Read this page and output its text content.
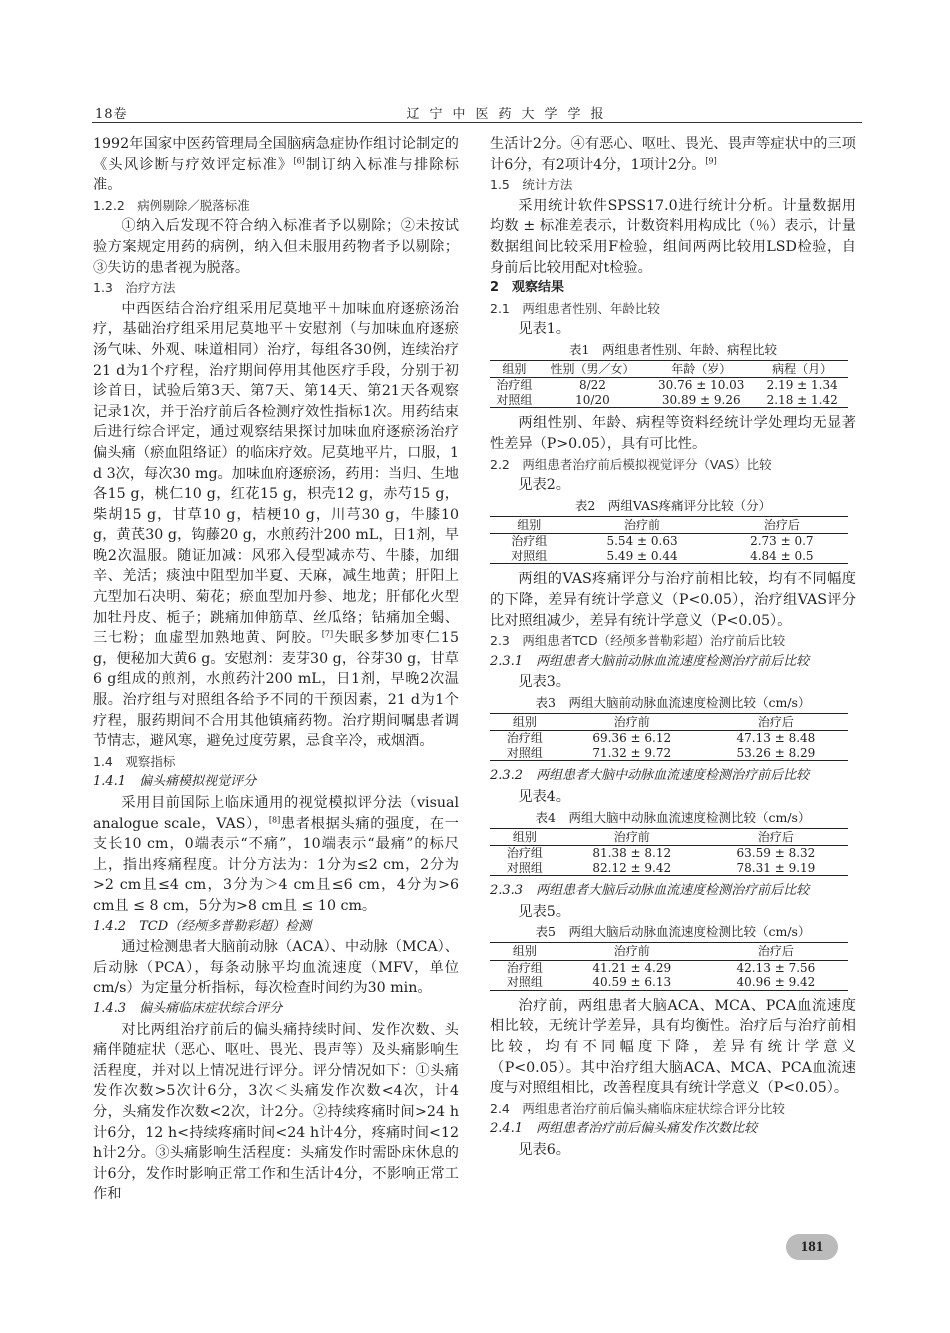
18卷	辽宁中医药大学学报

1992年国家中医药管理局全国脑病急症协作组讨论制定的《头风诊断与疗效评定标准》[6]制订纳入标准与排除标准。

1.2.2　病例剔除／脱落标准

①纳入后发现不符合纳入标准者予以剔除；②未按试验方案规定用药的病例，纳入但未服用药物者予以剔除；③失访的患者视为脱落。

1.3　治疗方法

中西医结合治疗组采用尼莫地平＋加味血府逐瘀汤治疗，基础治疗组采用尼莫地平＋安慰剂（与加味血府逐瘀汤气味、外观、味道相同）治疗，每组各30例，连续治疗21 d为1个疗程，治疗期间停用其他医疗手段，分别于初诊首日，试验后第3天、第7天、第14天、第21天各观察记录1次，并于治疗前后各检测疗效性指标1次。用药结束后进行综合评定，通过观察结果探讨加味血府逐瘀汤治疗偏头痛（瘀血阻络证）的临床疗效。尼莫地平片，口服，1 d 3次，每次30 mg。加味血府逐瘀汤，药用：当归、生地各15 g，桃仁10 g，红花15 g，枳壳12 g，赤芍15 g，柴胡15 g，甘草10 g，桔梗10 g，川芎30 g，牛膝10 g，黄芪30 g，钩藤20 g，水煎药汁200 mL，日1剂，早晚2次温服。随证加减：风邪入侵型减赤芍、牛膝，加细辛、羌活；痰浊中阻型加半夏、天麻，减生地黄；肝阳上亢型加石决明、菊花；瘀血型加丹参、地龙；肝郁化火型加牡丹皮、栀子；跳痛加伸筋草、丝瓜络；钻痛加全蝎、三七粉；血虚型加熟地黄、阿胶。[7]失眠多梦加枣仁15 g，便秘加大黄6 g。安慰剂：麦芽30 g，谷芽30 g，甘草6 g组成的煎剂，水煎药汁200 mL，日1剂，早晚2次温服。治疗组与对照组各给予不同的干预因素，21 d为1个疗程，服药期间不合用其他镇痛药物。治疗期间嘱患者调节情志，避风寒，避免过度劳累，忌食辛冷，戒烟酒。

1.4　观察指标

1.4.1　偏头痛模拟视觉评分

采用目前国际上临床通用的视觉模拟评分法（visual analogue scale，VAS），[8]患者根据头痛的强度，在一支长10 cm，0端表示“不痛”，10端表示“最痛”的标尺上，指出疼痛程度。计分方法为：1分为≤2 cm，2分为>2 cm且≤4 cm，3分为＞4 cm且≤6 cm，4分为>6 cm且 ≤ 8 cm，5分为>8 cm且 ≤ 10 cm。

1.4.2　TCD（经颅多普勒彩超）检测

通过检测患者大脑前动脉（ACA）、中动脉（MCA）、后动脉（PCA），每条动脉平均血流速度（MFV，单位cm/s）为定量分析指标，每次检查时间约为30 min。

1.4.3　偏头痛临床症状综合评分

对比两组治疗前后的偏头痛持续时间、发作次数、头痛伴随症状（恶心、呕吐、畏光、畏声等）及头痛影响生活程度，并对以上情况进行评分。评分情况如下：①头痛发作次数>5次计6分，3次＜头痛发作次数<4次，计4分，头痛发作次数<2次，计2分。②持续疼痛时间>24 h计6分，12 h<持续疼痛时间<24 h计4分，疼痛时间<12 h计2分。③头痛影响生活程度：头痛发作时需卧床休息的计6分，发作时影响正常工作和生活计4分，不影响正常工作和

生活计2分。④有恶心、呕吐、畏光、畏声等症状中的三项计6分，有2项计4分，1项计2分。[9]

1.5　统计方法

采用统计软件SPSS17.0进行统计分析。计量数据用均数 ± 标准差表示，计数资料用构成比（％）表示，计量数据组间比较采用F检验，组间两两比较用LSD检验，自身前后比较用配对t检验。

2　观察结果

2.1　两组患者性别、年龄比较

见表1。

表1　两组患者性别、年龄、病程比较
组别	性别（男／女）	年龄（岁）	病程（月）
治疗组	8/22	30.76 ± 10.03	2.19 ± 1.34
对照组	10/20	30.89 ± 9.26	2.18 ± 1.42

两组性别、年龄、病程等资料经统计学处理均无显著性差异（P>0.05），具有可比性。

2.2　两组患者治疗前后模拟视觉评分（VAS）比较

见表2。

表2　两组VAS疼痛评分比较（分）
组别	治疗前	治疗后
治疗组	5.54 ± 0.63	2.73 ± 0.7
对照组	5.49 ± 0.44	4.84 ± 0.5

两组的VAS疼痛评分与治疗前相比较，均有不同幅度的下降，差异有统计学意义（P<0.05），治疗组VAS评分比对照组减少，差异有统计学意义（P<0.05）。

2.3　两组患者TCD（经颅多普勒彩超）治疗前后比较

2.3.1　两组患者大脑前动脉血流速度检测治疗前后比较

见表3。

表3　两组大脑前动脉血流速度检测比较（cm/s）
组别	治疗前	治疗后
治疗组	69.36 ± 6.12	47.13 ± 8.48
对照组	71.32 ± 9.72	53.26 ± 8.29

2.3.2　两组患者大脑中动脉血流速度检测治疗前后比较

见表4。

表4　两组大脑中动脉血流速度检测比较（cm/s）
组别	治疗前	治疗后
治疗组	81.38 ± 8.12	63.59 ± 8.32
对照组	82.12 ± 9.42	78.31 ± 9.19

2.3.3　两组患者大脑后动脉血流速度检测治疗前后比较

见表5。

表5　两组大脑后动脉血流速度检测比较（cm/s）
组别	治疗前	治疗后
治疗组	41.21 ± 4.29	42.13 ± 7.56
对照组	40.59 ± 6.13	40.96 ± 9.42

治疗前，两组患者大脑ACA、MCA、PCA血流速度相比较，无统计学差异，具有均衡性。治疗后与治疗前相比较，均有不同幅度下降，差异有统计学意义（P<0.05）。其中治疗组大脑ACA、MCA、PCA血流速度与对照组相比，改善程度具有统计学意义（P<0.05）。

2.4　两组患者治疗前后偏头痛临床症状综合评分比较

2.4.1　两组患者治疗前后偏头痛发作次数比较

见表6。

181
